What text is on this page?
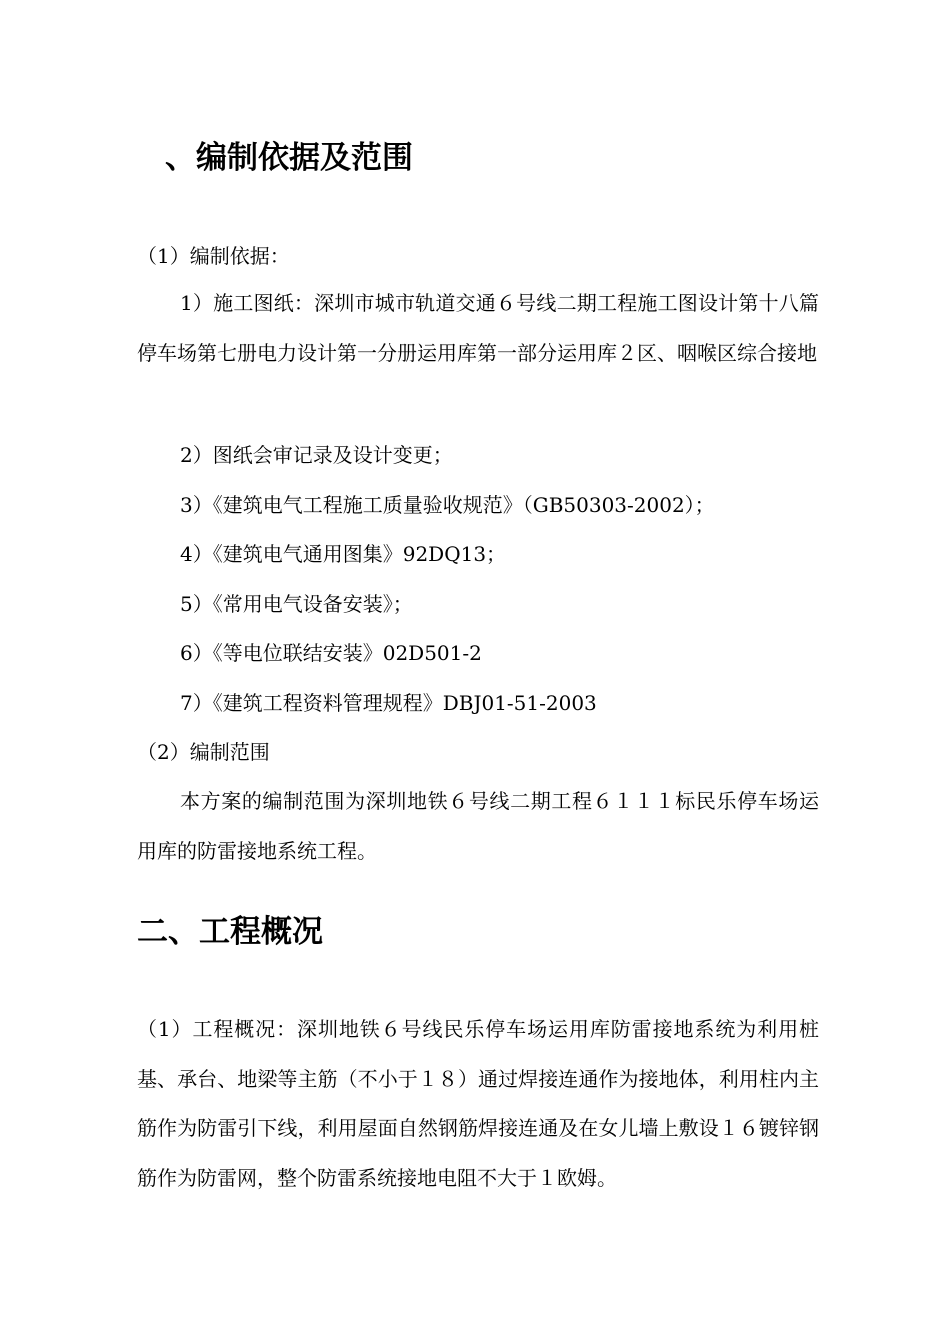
、编制依据及范围

（1）编制依据：

1）施工图纸：深圳市城市轨道交通６号线二期工程施工图设计第十八篇停车场第七册电力设计第一分册运用库第一部分运用库２区、咽喉区综合接地

2）图纸会审记录及设计变更；

3）《建筑电气工程施工质量验收规范》（GB50303-2002）；

4）《建筑电气通用图集》92DQ13；

5）《常用电气设备安装》；

6）《等电位联结安装》02D501-2

7）《建筑工程资料管理规程》DBJ01-51-2003

（2）编制范围

本方案的编制范围为深圳地铁６号线二期工程６１１１标民乐停车场运用库的防雷接地系统工程。

二、工程概况

（1）工程概况：深圳地铁６号线民乐停车场运用库防雷接地系统为利用桩基、承台、地梁等主筋（不小于１８）通过焊接连通作为接地体，利用柱内主筋作为防雷引下线，利用屋面自然钢筋焊接连通及在女儿墙上敷设１６镀锌钢筋作为防雷网，整个防雷系统接地电阻不大于１欧姆。
